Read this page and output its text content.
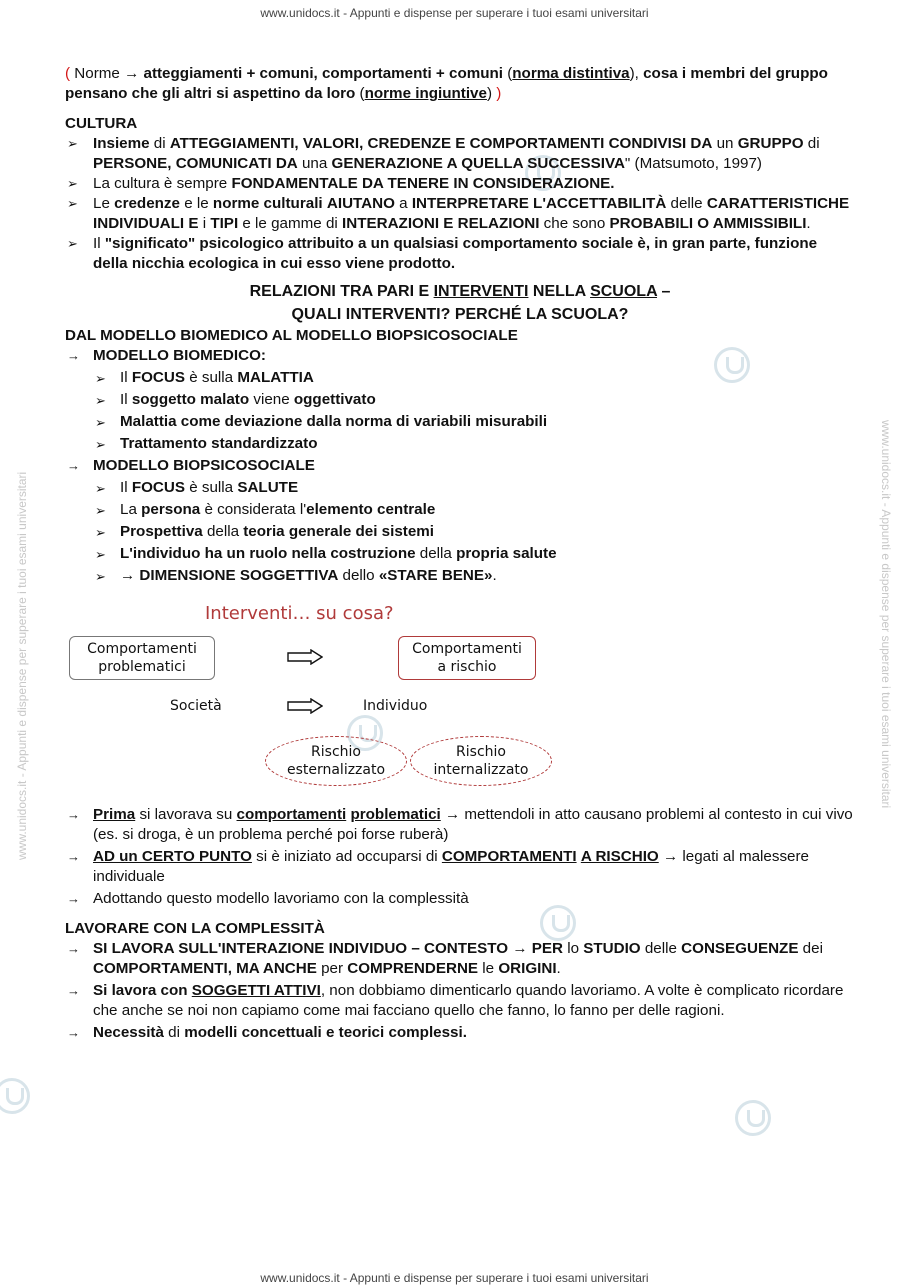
www.unidocs.it - Appunti e dispense per superare i tuoi esami universitari
www.unidocs.it - Appunti e dispense per superare i tuoi esami universitari
www.unidocs.it - Appunti e dispense per superare i tuoi esami universitari	www.unidocs.it - Appunti e dispense per superare i tuoi esami universitari

( Norme → atteggiamenti + comuni, comportamenti + comuni (norma distintiva), cosa i membri del gruppo pensano che gli altri si aspettino da loro (norme ingiuntive) )

CULTURA

➢ Insieme di ATTEGGIAMENTI, VALORI, CREDENZE E COMPORTAMENTI CONDIVISI DA un GRUPPO di PERSONE, COMUNICATI DA una GENERAZIONE A QUELLA SUCCESSIVA" (Matsumoto, 1997)
➢ La cultura è sempre FONDAMENTALE DA TENERE IN CONSIDERAZIONE.
➢ Le credenze e le norme culturali AIUTANO a INTERPRETARE L'ACCETTABILITÀ delle CARATTERISTICHE INDIVIDUALI E i TIPI e le gamme di INTERAZIONI E RELAZIONI che sono PROBABILI O AMMISSIBILI.
➢ Il "significato" psicologico attribuito a un qualsiasi comportamento sociale è, in gran parte, funzione della nicchia ecologica in cui esso viene prodotto.
RELAZIONI TRA PARI E INTERVENTI NELLA SCUOLA –
QUALI INTERVENTI? PERCHÉ LA SCUOLA?

DAL MODELLO BIOMEDICO AL MODELLO BIOPSICOSOCIALE

→ MODELLO BIOMEDICO:
➢ Il FOCUS è sulla MALATTIA
➢ Il soggetto malato viene oggettivato
➢ Malattia come deviazione dalla norma di variabili misurabili
➢ Trattamento standardizzato
→ MODELLO BIOPSICOSOCIALE
➢ Il FOCUS è sulla SALUTE
➢ La persona è considerata l'elemento centrale
➢ Prospettiva della teoria generale dei sistemi
➢ L'individuo ha un ruolo nella costruzione della propria salute
➢ → DIMENSIONE SOGGETTIVA dello «STARE BENE».
Interventi… su cosa?
Comportamenti
problematici
Comportamenti
a rischio
Società	Individuo
Rischio
esternalizzato
Rischio
internalizzato
→ Prima si lavorava su comportamenti problematici → mettendoli in atto causano problemi al contesto in cui vivo (es. si droga, è un problema perché poi forse ruberà)
→ AD un CERTO PUNTO si è iniziato ad occuparsi di COMPORTAMENTI A RISCHIO → legati al malessere individuale
→ Adottando questo modello lavoriamo con la complessità

LAVORARE CON LA COMPLESSITÀ

→ SI LAVORA SULL'INTERAZIONE INDIVIDUO – CONTESTO → PER lo STUDIO delle CONSEGUENZE dei COMPORTAMENTI, MA ANCHE per COMPRENDERNE le ORIGINI.
→ Si lavora con SOGGETTI ATTIVI, non dobbiamo dimenticarlo quando lavoriamo. A volte è complicato ricordare che anche se noi non capiamo come mai facciano quello che fanno, lo fanno per delle ragioni.
→ Necessità di modelli concettuali e teorici complessi.
